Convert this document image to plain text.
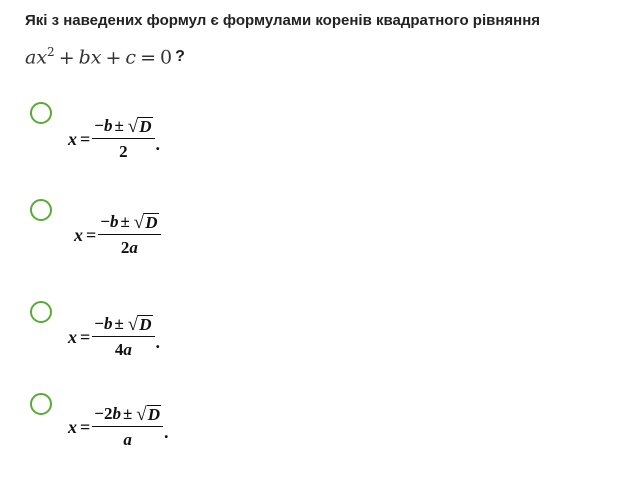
Які з наведених формул є формулами коренів квадратного рівняння
$ax^2$ + bx + c = 0 ?
$x = \frac{- b \pm √ D}{2}$ .
$x = \frac{- b \pm √ D}{2a}$
$x = \frac{- b \pm √ D}{4a}$ .
$x = \frac{- 2 b \pm √ D}{a}$ .
